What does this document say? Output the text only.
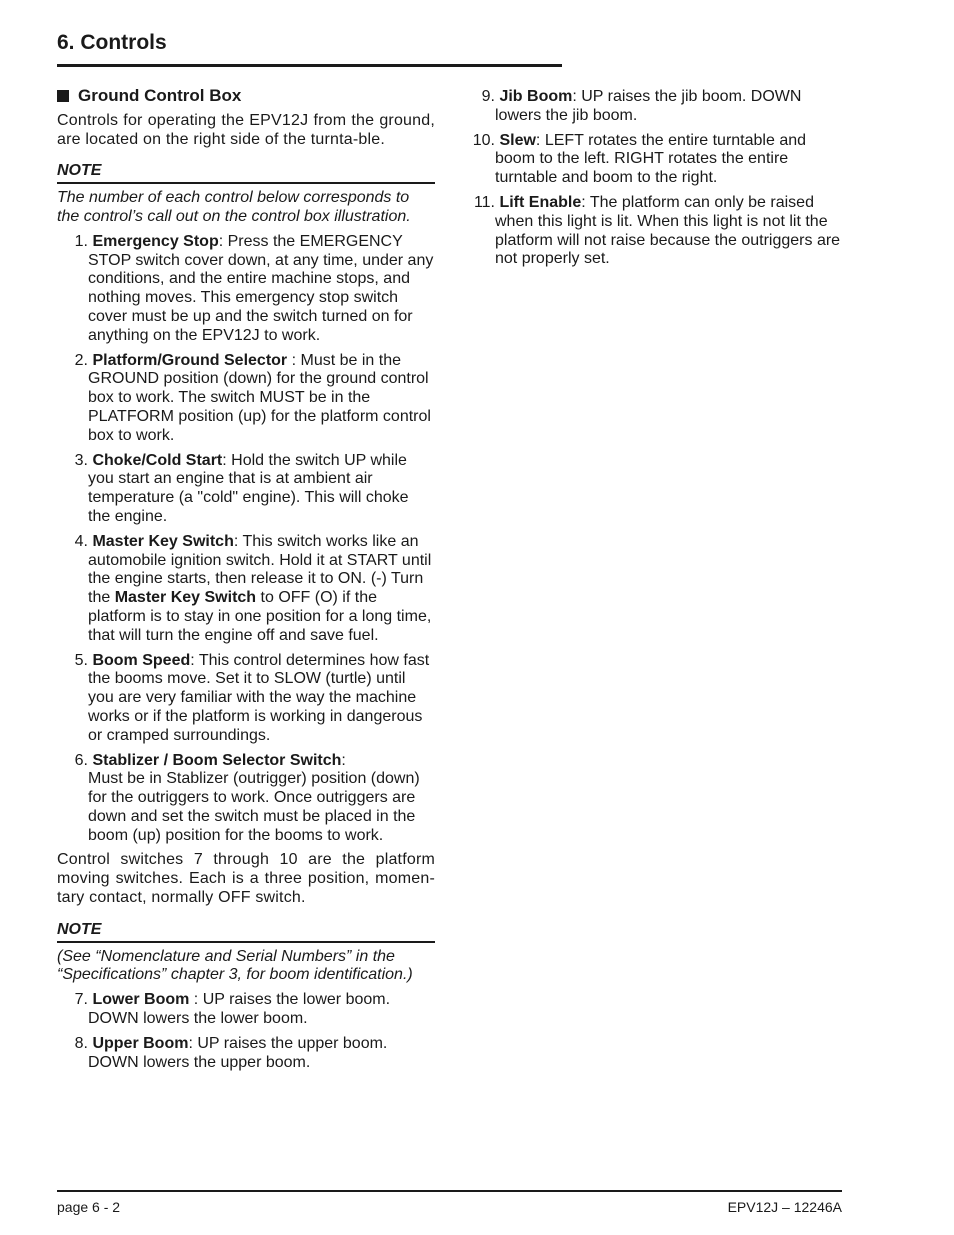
6. Controls
Ground Control Box

Controls for operating the EPV12J from the ground, are located on the right side of the turnta-ble.

NOTE

The number of each control below corresponds to the control’s call out on the control box illustration.

1. Emergency Stop: Press the EMERGENCY STOP switch cover down, at any time, under any conditions, and the entire machine stops, and nothing moves. This emergency stop switch cover must be up and the switch turned on for anything on the EPV12J to work.
2. Platform/Ground Selector : Must be in the GROUND position (down) for the ground control box to work. The switch MUST be in the PLATFORM position (up) for the platform control box to work.
3. Choke/Cold Start: Hold the switch UP while you start an engine that is at ambient air temperature (a "cold" engine). This will choke the engine.
4. Master Key Switch: This switch works like an automobile ignition switch. Hold it at START until the engine starts, then release it to ON. (-) Turn the Master Key Switch to OFF (O) if the platform is to stay in one position for a long time, that will turn the engine off and save fuel.
5. Boom Speed: This control determines how fast the booms move. Set it to SLOW (turtle) until you are very familiar with the way the machine works or if the platform is working in dangerous or cramped surroundings.
6. Stablizer / Boom Selector Switch:
Must be in Stablizer (outrigger) position (down) for the outriggers to work. Once outriggers are down and set the switch must be placed in the boom (up) position for the booms to work.

Control switches 7 through 10 are the platform moving switches. Each is a three position, momen-tary contact, normally OFF switch.

NOTE

(See “Nomenclature and Serial Numbers” in the “Specifications” chapter 3, for boom identification.)

7. Lower Boom : UP raises the lower boom. DOWN lowers the lower boom.
8. Upper Boom: UP raises the upper boom. DOWN lowers the upper boom.
9. Jib Boom: UP raises the jib boom. DOWN lowers the jib boom.
10. Slew: LEFT rotates the entire turntable and boom to the left. RIGHT rotates the entire turntable and boom to the right.
11. Lift Enable: The platform can only be raised when this light is lit. When this light is not lit the platform will not raise because the outriggers are not properly set.
page 6 - 2	EPV12J – 12246A
